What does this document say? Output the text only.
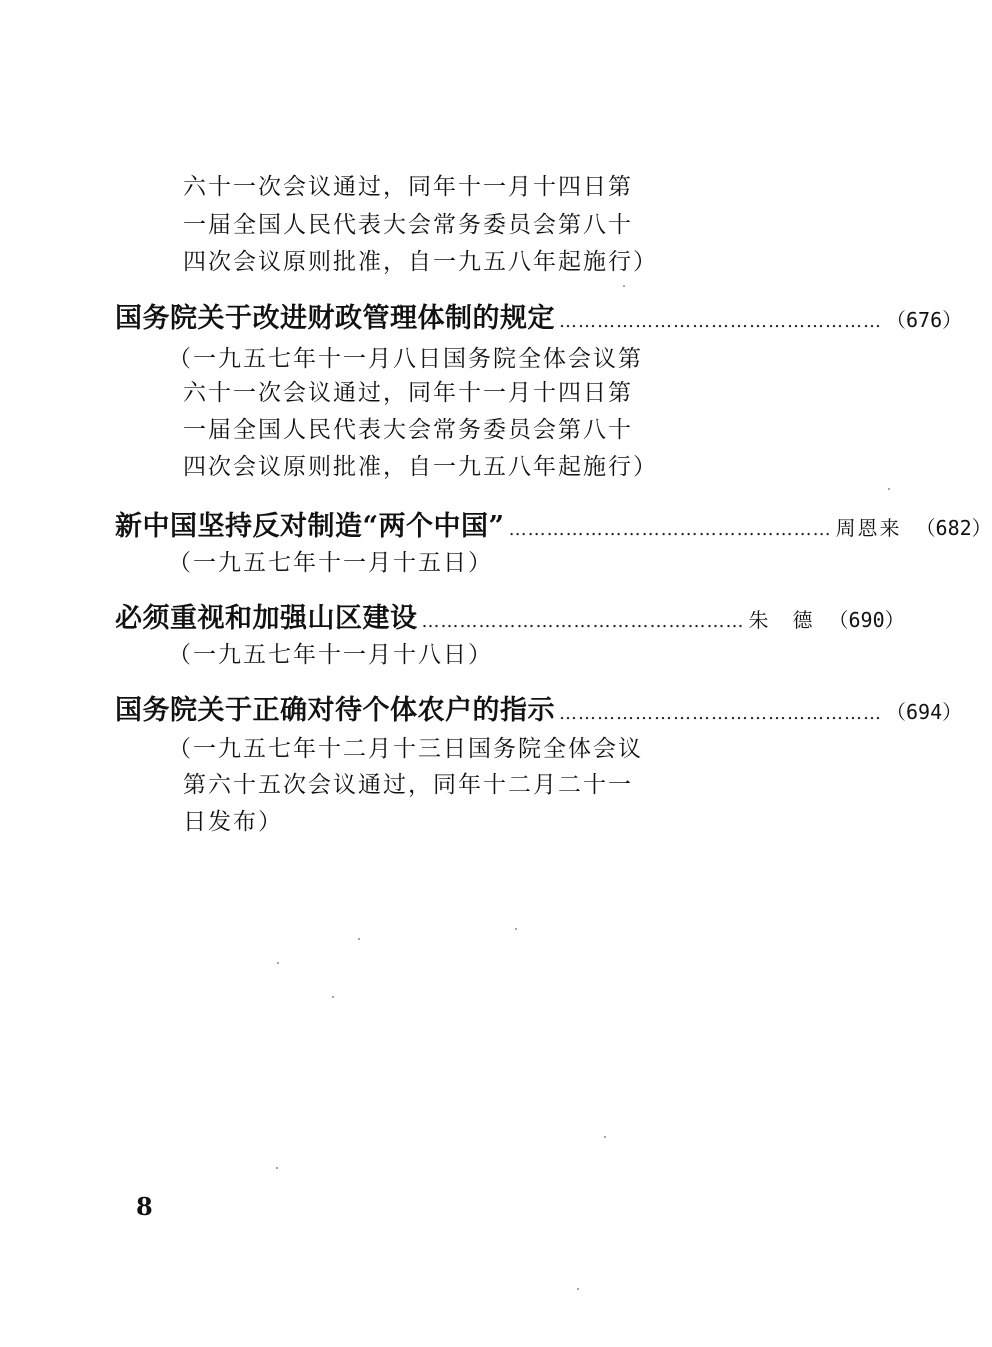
六十一次会议通过，同年十一月十四日第
一届全国人民代表大会常务委员会第八十
四次会议原则批准，自一九五八年起施行）
国务院关于改进财政管理体制的规定 …………………………………………… （676）
（一九五七年十一月八日国务院全体会议第
六十一次会议通过，同年十一月十四日第
一届全国人民代表大会常务委员会第八十
四次会议原则批准，自一九五八年起施行）
新中国坚持反对制造“两个中国” …………………………………………… 周恩来 （682）
（一九五七年十一月十五日）
必须重视和加强山区建设 …………………………………………… 朱　德 （690）
（一九五七年十一月十八日）
国务院关于正确对待个体农户的指示 …………………………………………… （694）
（一九五七年十二月十三日国务院全体会议
第六十五次会议通过，同年十二月二十一
日发布）
8
